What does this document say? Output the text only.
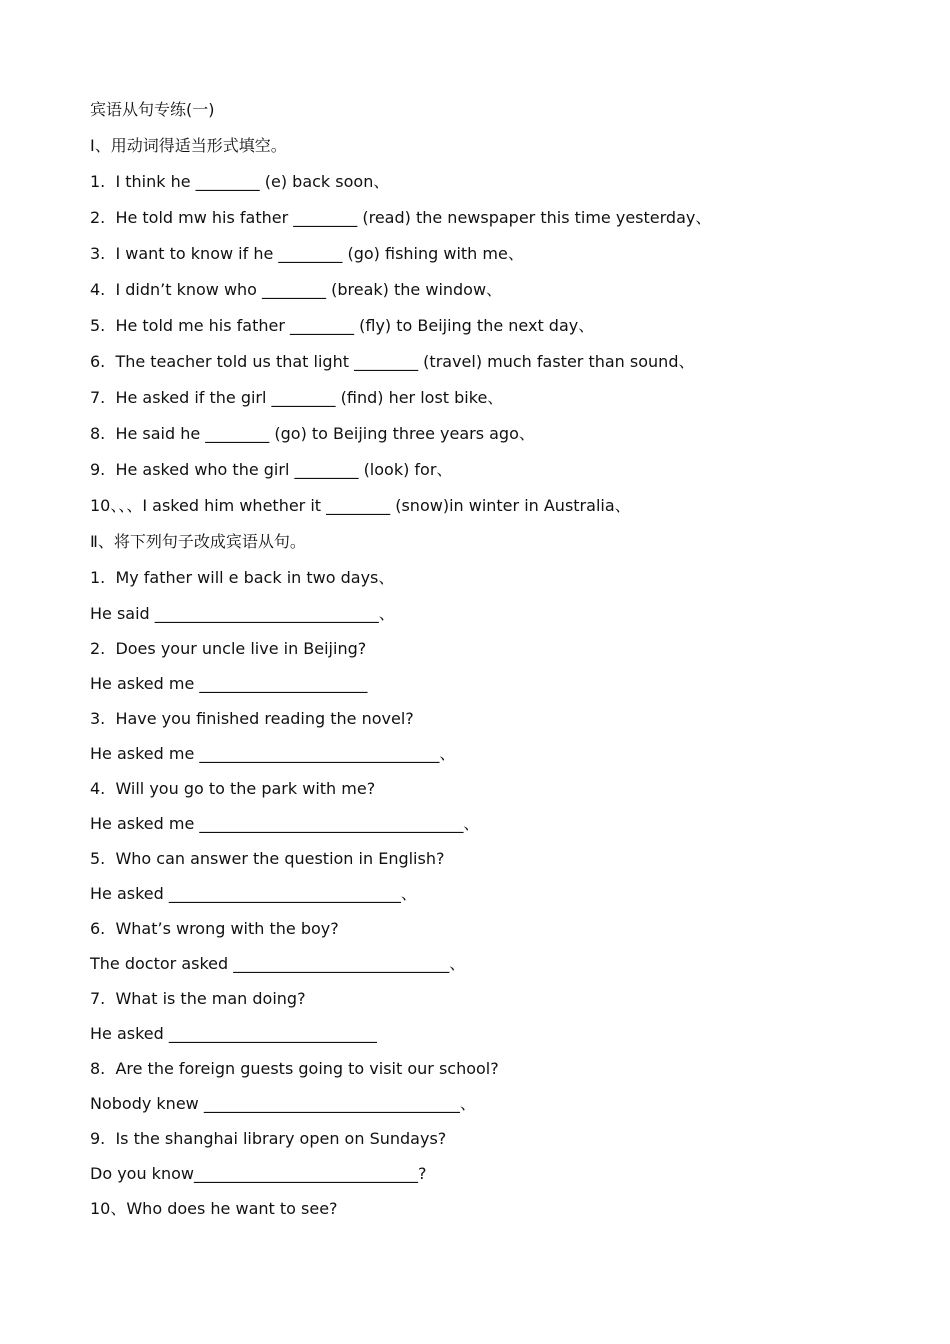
宾语从句专练(一)

Ⅰ、用动词得适当形式填空。

1.  I think he ________ (e) back soon、

2.  He told mw his father ________ (read) the newspaper this time yesterday、

3.  I want to know if he ________ (go) fishing with me、

4.  I didn’t know who ________ (break) the window、

5.  He told me his father ________ (fly) to Beijing the next day、

6.  The teacher told us that light ________ (travel) much faster than sound、

7.  He asked if the girl ________ (find) her lost bike、

8.  He said he ________ (go) to Beijing three years ago、

9.  He asked who the girl ________ (look) for、

10、、、I asked him whether it ________ (snow)in winter in Australia、

Ⅱ、将下列句子改成宾语从句。

1.  My father will e back in two days、

He said ____________________________、

2.  Does your uncle live in Beijing?

He asked me _____________________

3.  Have you finished reading the novel?

He asked me ______________________________、

4.  Will you go to the park with me?

He asked me _________________________________、

5.  Who can answer the question in English?

He asked _____________________________、

6.  What’s wrong with the boy?

The doctor asked ___________________________、

7.  What is the man doing?

He asked __________________________

8.  Are the foreign guests going to visit our school?

Nobody knew ________________________________、

9.  Is the shanghai library open on Sundays?

Do you know____________________________?

10、Who does he want to see?
